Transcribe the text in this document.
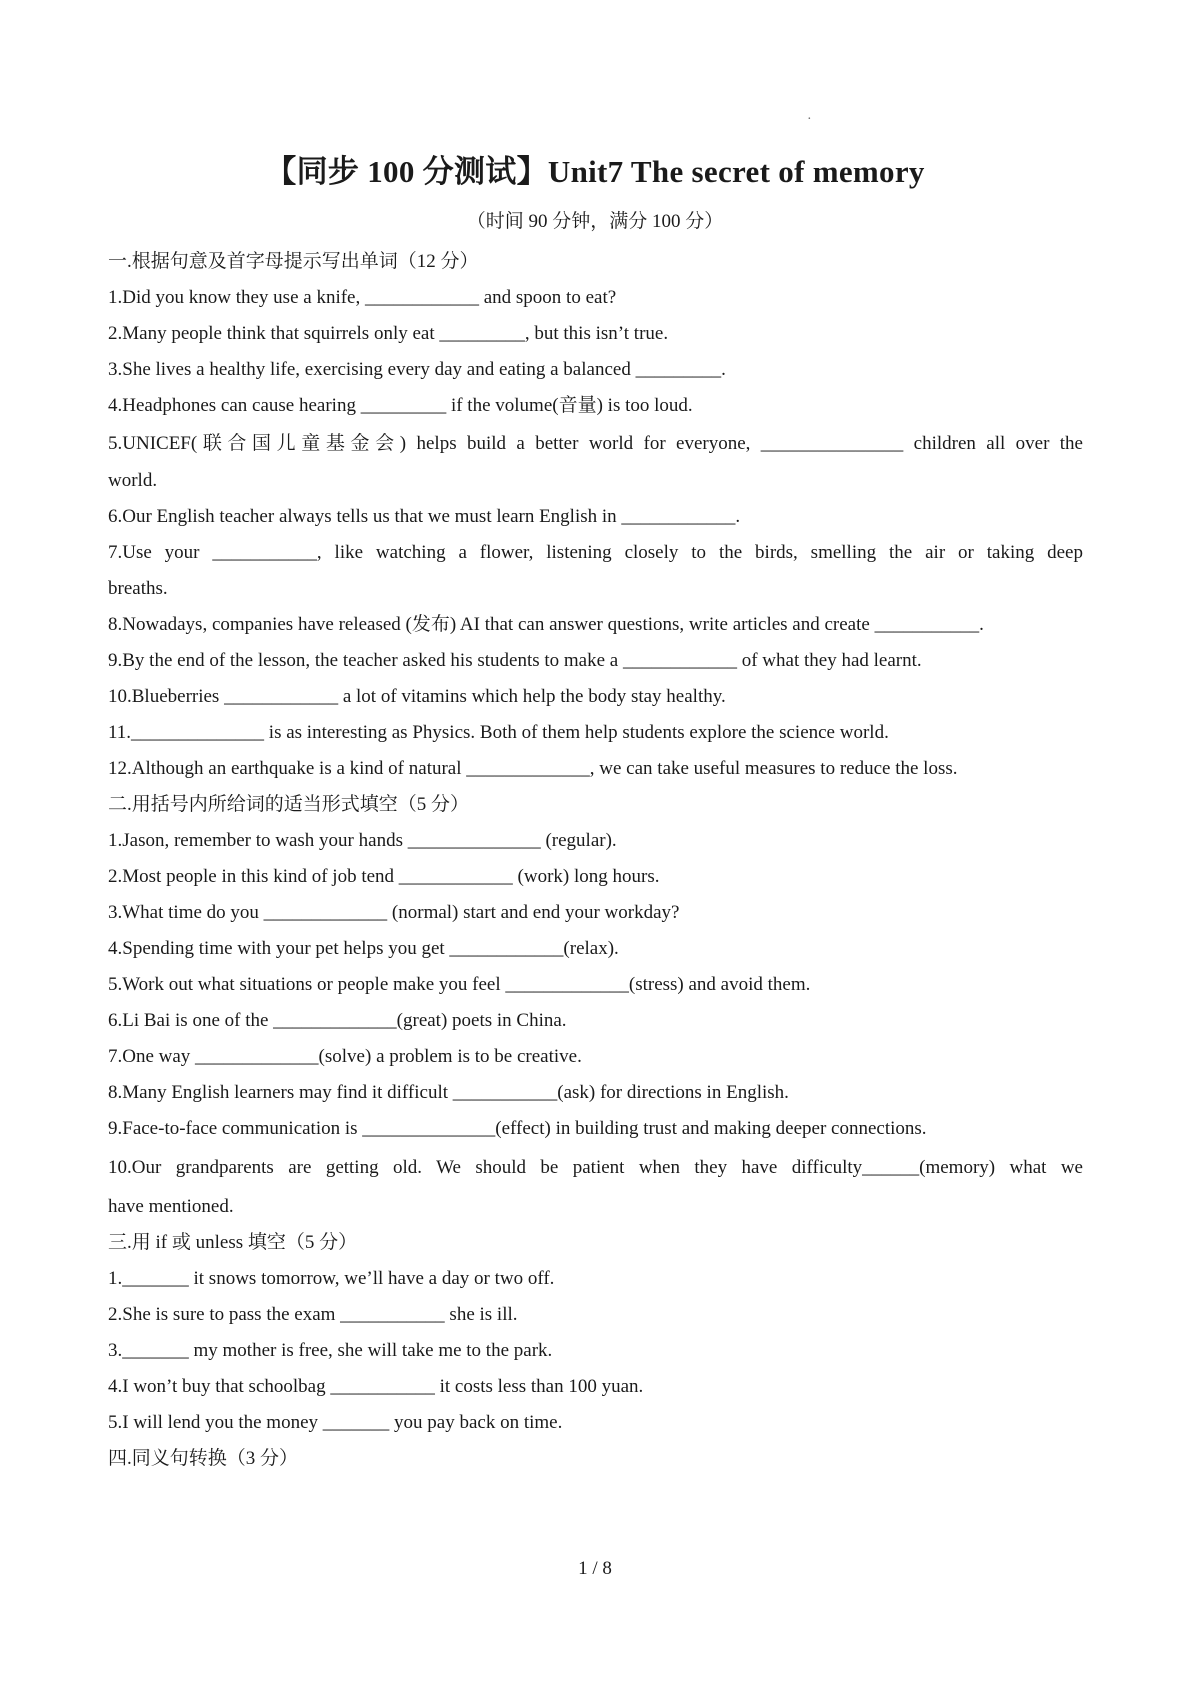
·
【同步 100 分测试】Unit7 The secret of memory
（时间 90 分钟，满分 100 分）
一.根据句意及首字母提示写出单词（12 分）
1.Did you know they use a knife, ____________ and spoon to eat?
2.Many people think that squirrels only eat _________, but this isn’t true.
3.She lives a healthy life, exercising every day and eating a balanced _________.
4.Headphones can cause hearing _________ if the volume(音量) is too loud.
5.UNICEF(联合国儿童基金会) helps build a better world for everyone, _______________ children all over the
world.
6.Our English teacher always tells us that we must learn English in ____________.
7.Use your ___________, like watching a flower, listening closely to the birds, smelling the air or taking deep
breaths.
8.Nowadays, companies have released (发布) AI that can answer questions, write articles and create ___________.
9.By the end of the lesson, the teacher asked his students to make a ____________ of what they had learnt.
10.Blueberries ____________ a lot of vitamins which help the body stay healthy.
11.______________ is as interesting as Physics. Both of them help students explore the science world.
12.Although an earthquake is a kind of natural _____________, we can take useful measures to reduce the loss.
二.用括号内所给词的适当形式填空（5 分）
1.Jason, remember to wash your hands ______________ (regular).
2.Most people in this kind of job tend ____________ (work) long hours.
3.What time do you _____________ (normal) start and end your workday?
4.Spending time with your pet helps you get ____________(relax).
5.Work out what situations or people make you feel _____________(stress) and avoid them.
6.Li Bai is one of the _____________(great) poets in China.
7.One way _____________(solve) a problem is to be creative.
8.Many English learners may find it difficult ___________(ask) for directions in English.
9.Face-to-face communication is ______________(effect) in building trust and making deeper connections.
10.Our grandparents are getting old. We should be patient when they have difficulty______(memory) what we
have mentioned.
三.用 if 或 unless 填空（5 分）
1._______ it snows tomorrow, we’ll have a day or two off.
2.She is sure to pass the exam ___________ she is ill.
3._______ my mother is free, she will take me to the park.
4.I won’t buy that schoolbag ___________ it costs less than 100 yuan.
5.I will lend you the money _______ you pay back on time.
四.同义句转换（3 分）
1 / 8
